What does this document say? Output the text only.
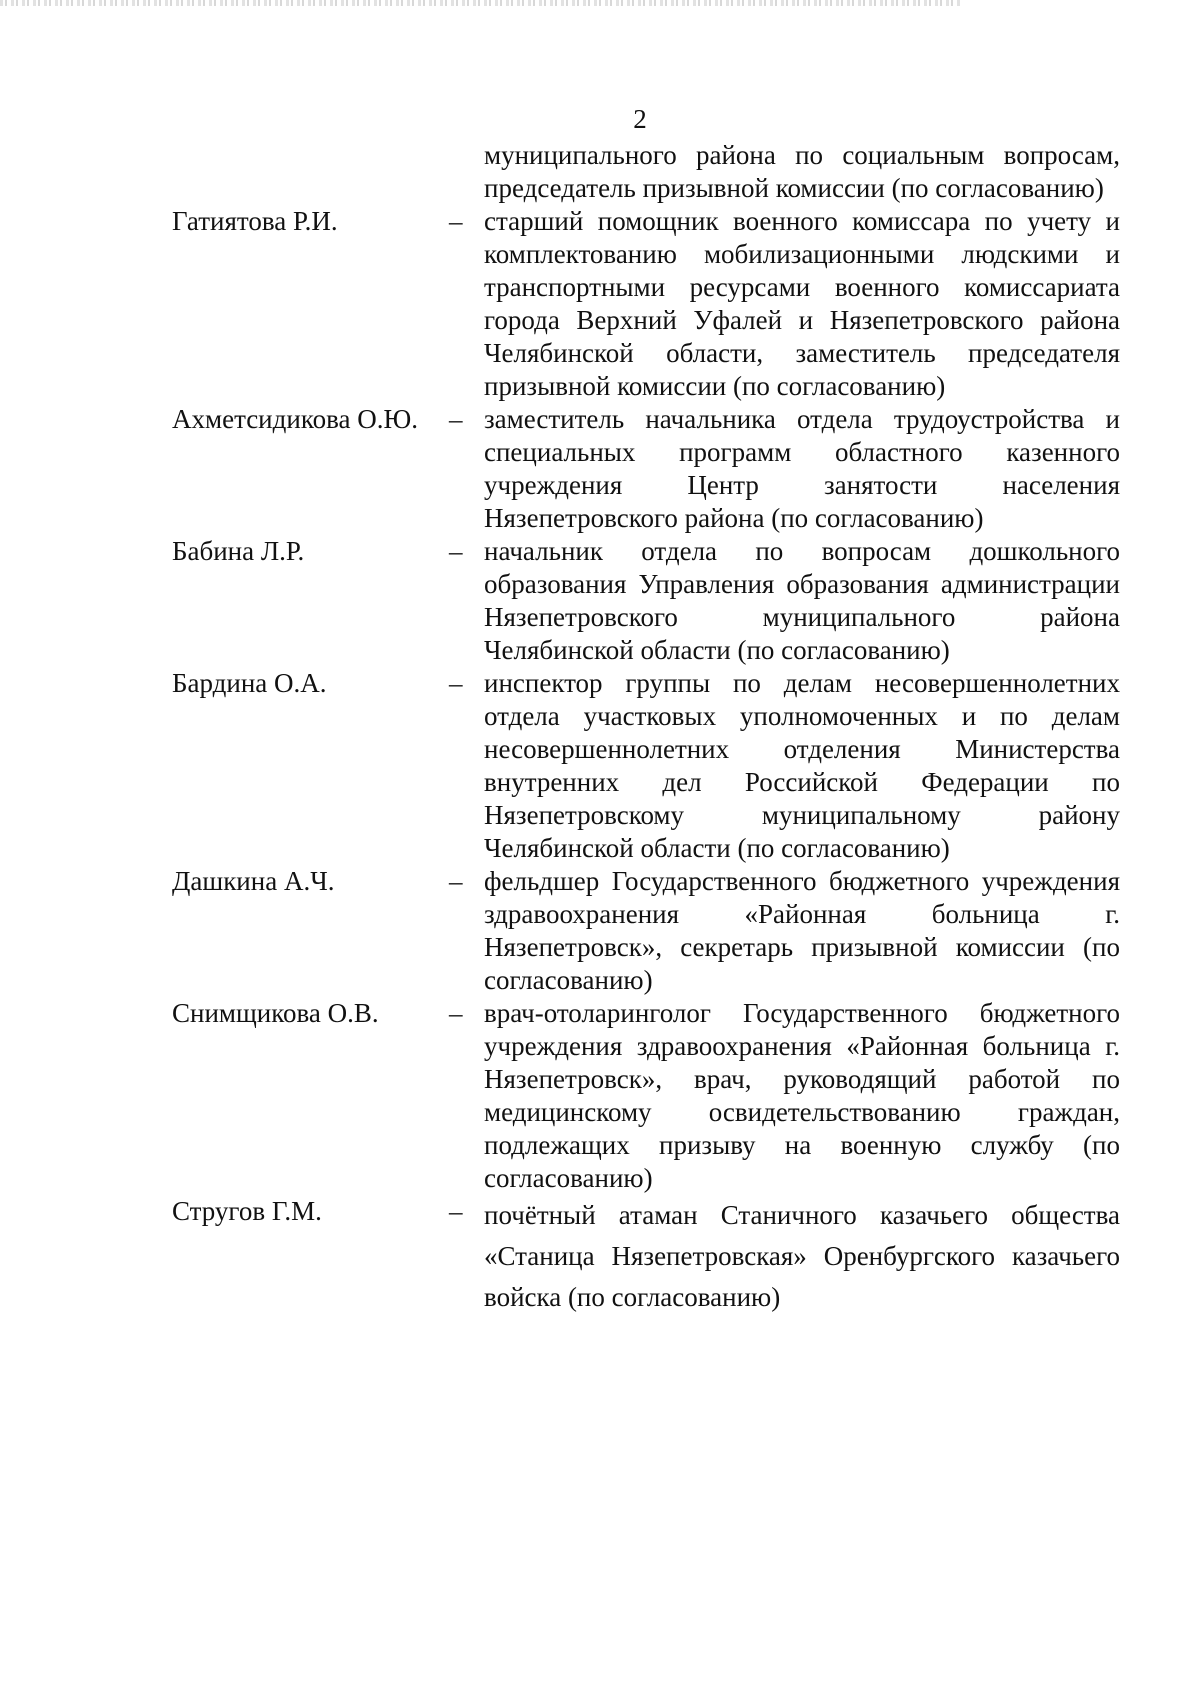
2
муниципального района по социальным вопросам, председатель призывной комиссии (по согласованию)
Гатиятова Р.И.	– старший помощник военного комиссара по учету и комплектованию мобилизационными людскими и транспортными ресурсами военного комиссариата города Верхний Уфалей и Нязепетровского района Челябинской области, заместитель председателя призывной комиссии (по согласованию)
Ахметсидикова О.Ю. – заместитель начальника отдела трудоустройства и специальных программ областного казенного учреждения Центр занятости населения Нязепетровского района (по согласованию)
Бабина Л.Р.	– начальник отдела по вопросам дошкольного образования Управления образования администрации Нязепетровского муниципального района Челябинской области (по согласованию)
Бардина О.А.	– инспектор группы по делам несовершеннолетних отдела участковых уполномоченных и по делам несовершеннолетних отделения Министерства внутренних дел Российской Федерации по Нязепетровскому муниципальному району Челябинской области (по согласованию)
Дашкина А.Ч.	– фельдшер Государственного бюджетного учреждения здравоохранения «Районная больница г. Нязепетровск», секретарь призывной комиссии (по согласованию)
Снимщикова О.В.	– врач-отоларинголог Государственного бюджетного учреждения здравоохранения «Районная больница г. Нязепетровск», врач, руководящий работой по медицинскому освидетельствованию граждан, подлежащих призыву на военную службу (по согласованию)
Стругов Г.М.	– почётный атаман Станичного казачьего общества «Станица Нязепетровская» Оренбургского казачьего войска (по согласованию)
